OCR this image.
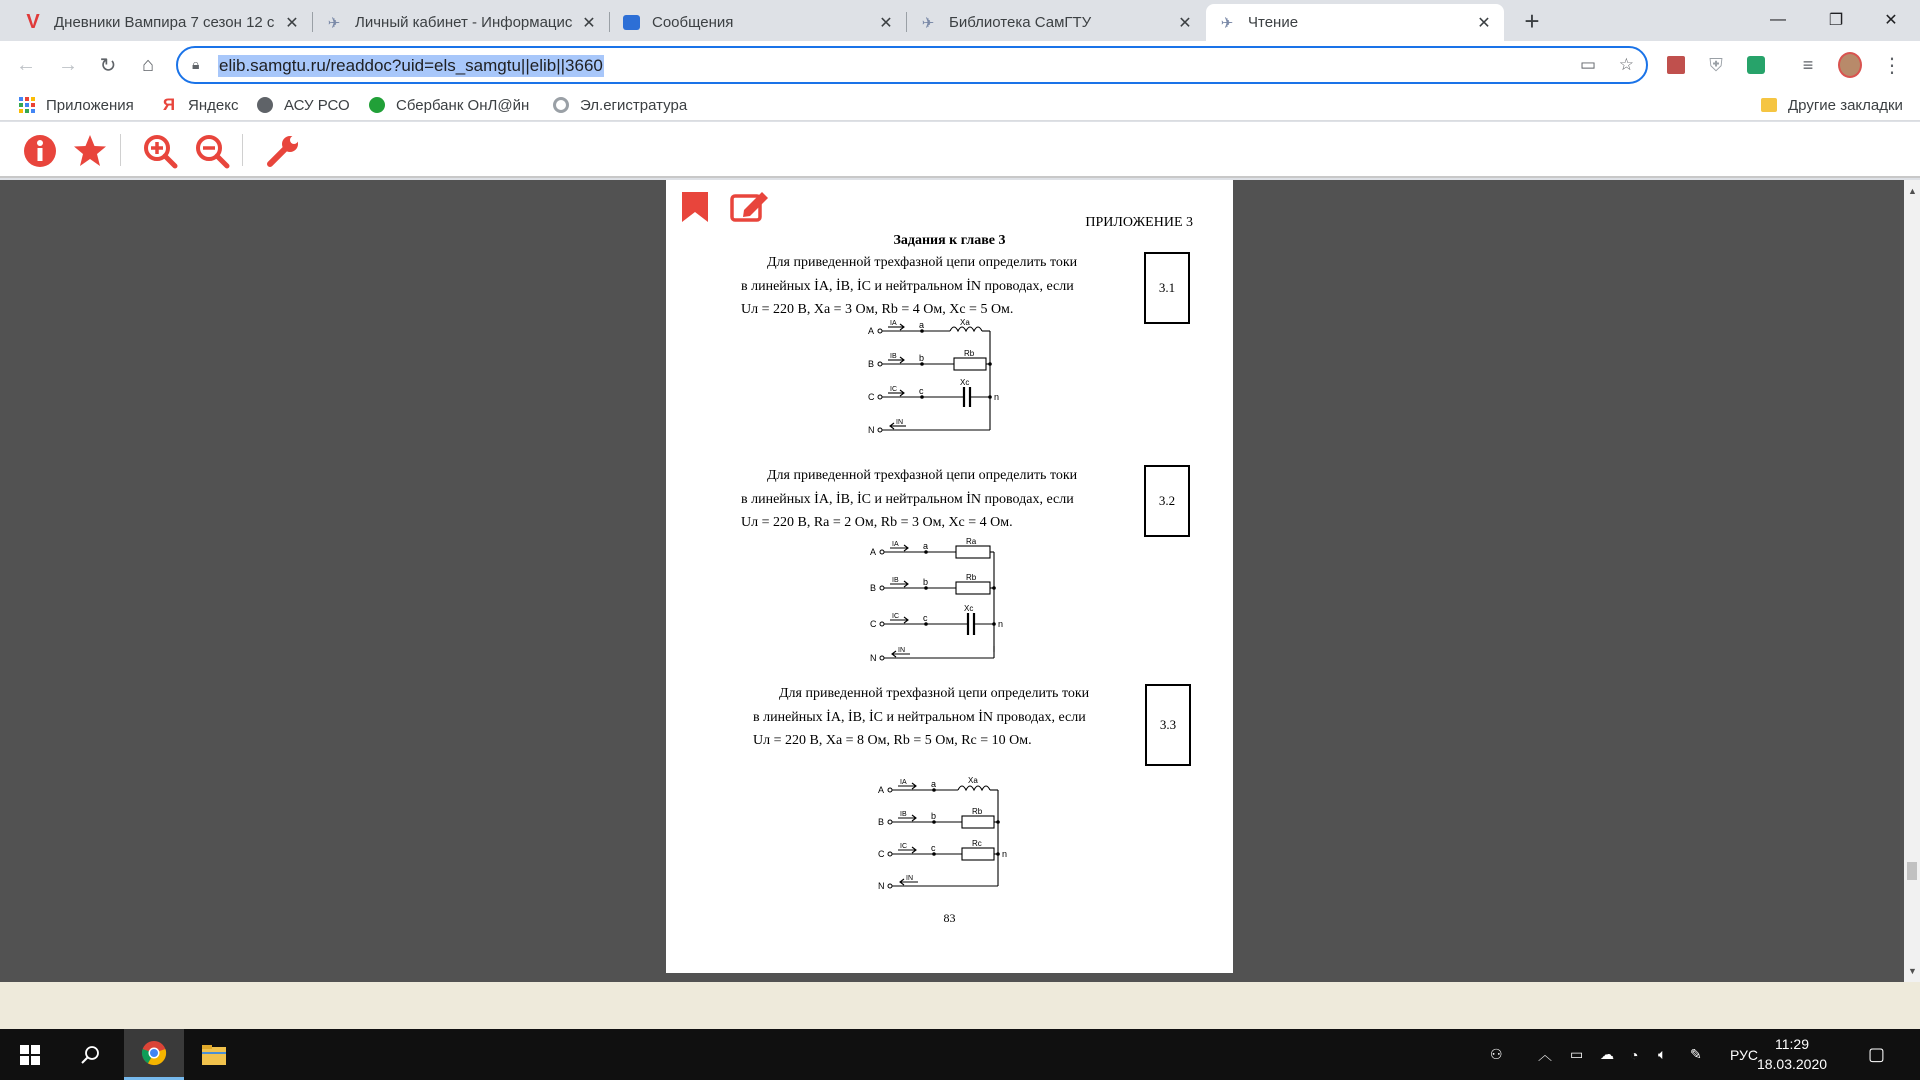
V Дневники Вампира 7 сезон 12 с ✕ ✈ Личный кабинет - Информацис ✕	Сообщения	✕ ✈ Библиотека СамГТУ	✕ ✈ Чтение	✕ +	—	❐	✕
← → ↻	⌂	🔒︎ elib.samgtu.ru/readdoc?uid=els_samgtu||elib||3660	▭ ☆	⛨	≡	⋮
Приложения Я Яндекс	АСУ РСО	Сбербанк ОнЛ@йн	Эл.егистратура	Другие закладки
ПРИЛОЖЕНИЕ 3
Задания к главе 3

Для приведенной трехфазной цепи определить токи

в линейных İA, İB, İC и нейтральном İN проводах, если
Uл = 220 В, Xa = 3 Ом, Rb = 4 Ом, Xc = 5 Ом.
3.1
A
B
C
a
b
c
n
IA
IB
IC
Xa
Rb
Xc
N
IN

Для приведенной трехфазной цепи определить токи

в линейных İA, İB, İC и нейтральном İN проводах, если
Uл = 220 В, Ra = 2 Ом, Rb = 3 Ом, Xc = 4 Ом.
3.2
A
B
C
a
b
c
n
IA
IB
IC
Ra
Rb
Xc
N
IN

Для приведенной трехфазной цепи определить токи

в линейных İA, İB, İC и нейтральном İN проводах, если
Uл = 220 В, Xa = 8 Ом, Rb = 5 Ом, Rc = 10 Ом.
3.3
A
B
C
N
a
b
c
n
IA
IB
IC
IN
Xa
Rb
Rc
83
▲
▼
⚇	︿ ▭ ☁ ◔ 🔈︎ ✎ РУС
11:29
18.03.2020 ▢
